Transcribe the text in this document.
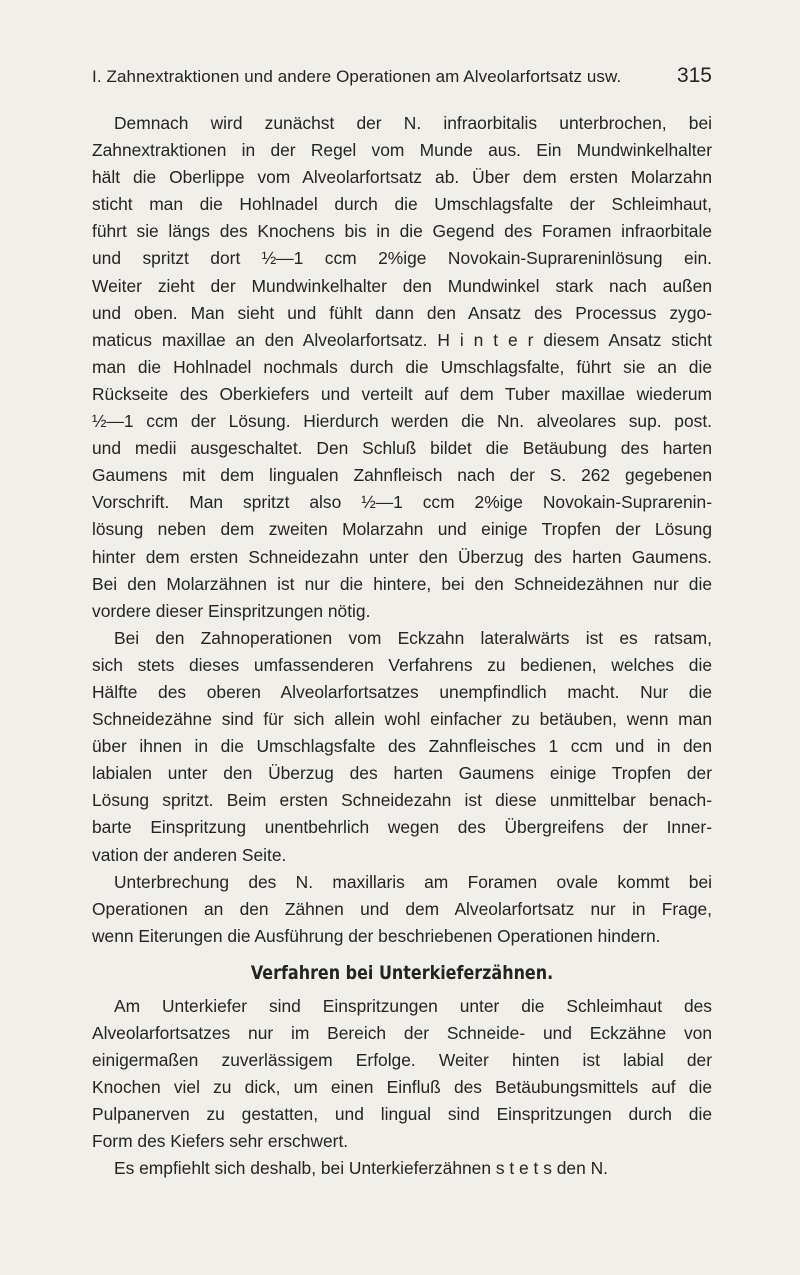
I. Zahnextraktionen und andere Operationen am Alveolarfortsatz usw.	315
Demnach wird zunächst der N. infraorbitalis unterbrochen, bei
Zahnextraktionen in der Regel vom Munde aus. Ein Mundwinkelhalter
hält die Oberlippe vom Alveolarfortsatz ab. Über dem ersten Molarzahn
sticht man die Hohlnadel durch die Umschlagsfalte der Schleimhaut,
führt sie längs des Knochens bis in die Gegend des Foramen infraorbitale
und spritzt dort ½—1 ccm 2%ige Novokain-Suprareninlösung ein.
Weiter zieht der Mundwinkelhalter den Mundwinkel stark nach außen
und oben. Man sieht und fühlt dann den Ansatz des Processus zygo-
maticus maxillae an den Alveolarfortsatz. H i n t e r diesem Ansatz sticht
man die Hohlnadel nochmals durch die Umschlagsfalte, führt sie an die
Rückseite des Oberkiefers und verteilt auf dem Tuber maxillae wiederum
½—1 ccm der Lösung. Hierdurch werden die Nn. alveolares sup. post.
und medii ausgeschaltet. Den Schluß bildet die Betäubung des harten
Gaumens mit dem lingualen Zahnfleisch nach der S. 262 gegebenen
Vorschrift. Man spritzt also ½—1 ccm 2%ige Novokain-Suprarenin-
lösung neben dem zweiten Molarzahn und einige Tropfen der Lösung
hinter dem ersten Schneidezahn unter den Überzug des harten Gaumens.
Bei den Molarzähnen ist nur die hintere, bei den Schneidezähnen nur die
vordere dieser Einspritzungen nötig.
Bei den Zahnoperationen vom Eckzahn lateralwärts ist es ratsam,
sich stets dieses umfassenderen Verfahrens zu bedienen, welches die
Hälfte des oberen Alveolarfortsatzes unempfindlich macht. Nur die
Schneidezähne sind für sich allein wohl einfacher zu betäuben, wenn man
über ihnen in die Umschlagsfalte des Zahnfleisches 1 ccm und in den
labialen unter den Überzug des harten Gaumens einige Tropfen der
Lösung spritzt. Beim ersten Schneidezahn ist diese unmittelbar benach-
barte Einspritzung unentbehrlich wegen des Übergreifens der Inner-
vation der anderen Seite.
Unterbrechung des N. maxillaris am Foramen ovale kommt bei
Operationen an den Zähnen und dem Alveolarfortsatz nur in Frage,
wenn Eiterungen die Ausführung der beschriebenen Operationen hindern.
Verfahren bei Unterkieferzähnen.
Am Unterkiefer sind Einspritzungen unter die Schleimhaut des
Alveolarfortsatzes nur im Bereich der Schneide- und Eckzähne von
einigermaßen zuverlässigem Erfolge. Weiter hinten ist labial der
Knochen viel zu dick, um einen Einfluß des Betäubungsmittels auf die
Pulpanerven zu gestatten, und lingual sind Einspritzungen durch die
Form des Kiefers sehr erschwert.
Es empfiehlt sich deshalb, bei Unterkieferzähnen s t e t s den N.
